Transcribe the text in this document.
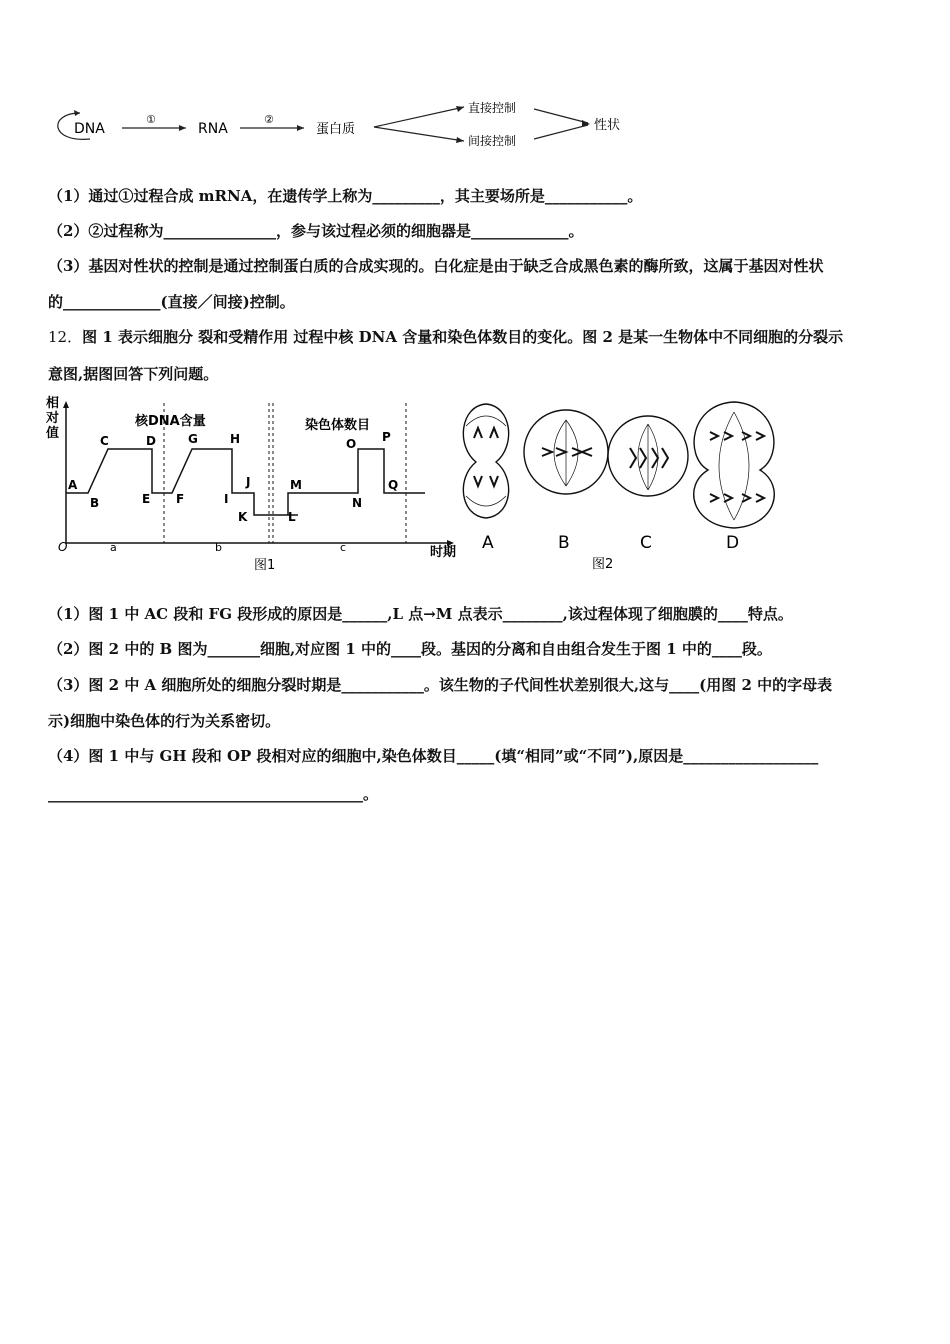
DNA
①
RNA
②
蛋白质
直接控制
间接控制
性状
（1）通过①过程合成 mRNA，在遗传学上称为_________，其主要场所是___________。
（2）②过程称为_______________，参与该过程必须的细胞器是_____________。
（3）基因对性状的控制是通过控制蛋白质的合成实现的。白化症是由于缺乏合成黑色素的酶所致，这属于基因对性状
的_____________(直接／间接)控制。
12．图 1 表示细胞分 裂和受精作用 过程中核 DNA 含量和染色体数目的变化。图 2 是某一生物体中不同细胞的分裂示
意图,据图回答下列问题。
相
对
值
O	时期
核DNA含量	染色体数目
A
B
C	D
E F
G	H
I
J
K	L
M
N
O P
Q
a	b	c
图1
A	B	C	D
图2
（1）图 1 中 AC 段和 FG 段形成的原因是______,L 点→M 点表示________,该过程体现了细胞膜的____特点。
（2）图 2 中的 B 图为_______细胞,对应图 1 中的____段。基因的分离和自由组合发生于图 1 中的____段。
（3）图 2 中 A 细胞所处的细胞分裂时期是___________。该生物的子代间性状差别很大,这与____(用图 2 中的字母表
示)细胞中染色体的行为关系密切。
（4）图 1 中与 GH 段和 OP 段相对应的细胞中,染色体数目_____(填“相同”或“不同”),原因是__________________
__________________________________________。
